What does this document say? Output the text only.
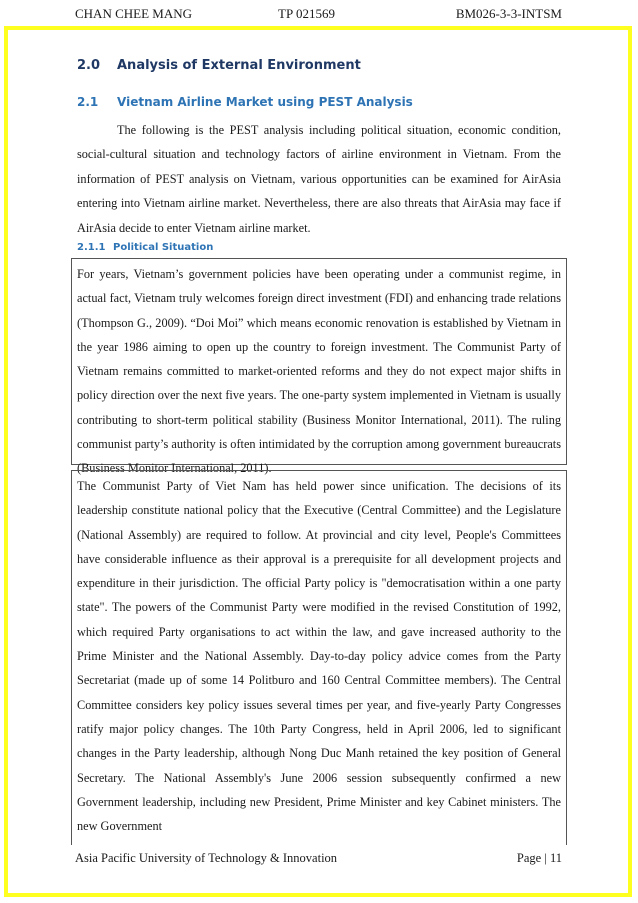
CHAN CHEE MANG	TP 021569	BM026-3-3-INTSM
2.0 Analysis of External Environment
2.1 Vietnam Airline Market using PEST Analysis

The following is the PEST analysis including political situation, economic condition, social-cultural situation and technology factors of airline environment in Vietnam. From the information of PEST analysis on Vietnam, various opportunities can be examined for AirAsia entering into Vietnam airline market. Nevertheless, there are also threats that AirAsia may face if AirAsia decide to enter Vietnam airline market.

2.1.1 Political Situation

For years, Vietnam’s government policies have been operating under a communist regime, in actual fact, Vietnam truly welcomes foreign direct investment (FDI) and enhancing trade relations (Thompson G., 2009). “Doi Moi” which means economic renovation is established by Vietnam in the year 1986 aiming to open up the country to foreign investment. The Communist Party of Vietnam remains committed to market-oriented reforms and they do not expect major shifts in policy direction over the next five years. The one-party system implemented in Vietnam is usually contributing to short-term political stability (Business Monitor International, 2011). The ruling communist party’s authority is often intimidated by the corruption among government bureaucrats (Business Monitor International, 2011).

The Communist Party of Viet Nam has held power since unification. The decisions of its leadership constitute national policy that the Executive (Central Committee) and the Legislature (National Assembly) are required to follow. At provincial and city level, People's Committees have considerable influence as their approval is a prerequisite for all development projects and expenditure in their jurisdiction. The official Party policy is "democratisation within a one party state". The powers of the Communist Party were modified in the revised Constitution of 1992, which required Party organisations to act within the law, and gave increased authority to the Prime Minister and the National Assembly. Day-to-day policy advice comes from the Party Secretariat (made up of some 14 Politburo and 160 Central Committee members). The Central Committee considers key policy issues several times per year, and five-yearly Party Congresses ratify major policy changes. The 10th Party Congress, held in April 2006, led to significant changes in the Party leadership, although Nong Duc Manh retained the key position of General Secretary. The National Assembly's June 2006 session subsequently confirmed a new Government leadership, including new President, Prime Minister and key Cabinet ministers. The new Government

Asia Pacific University of Technology & Innovation	Page | 11
